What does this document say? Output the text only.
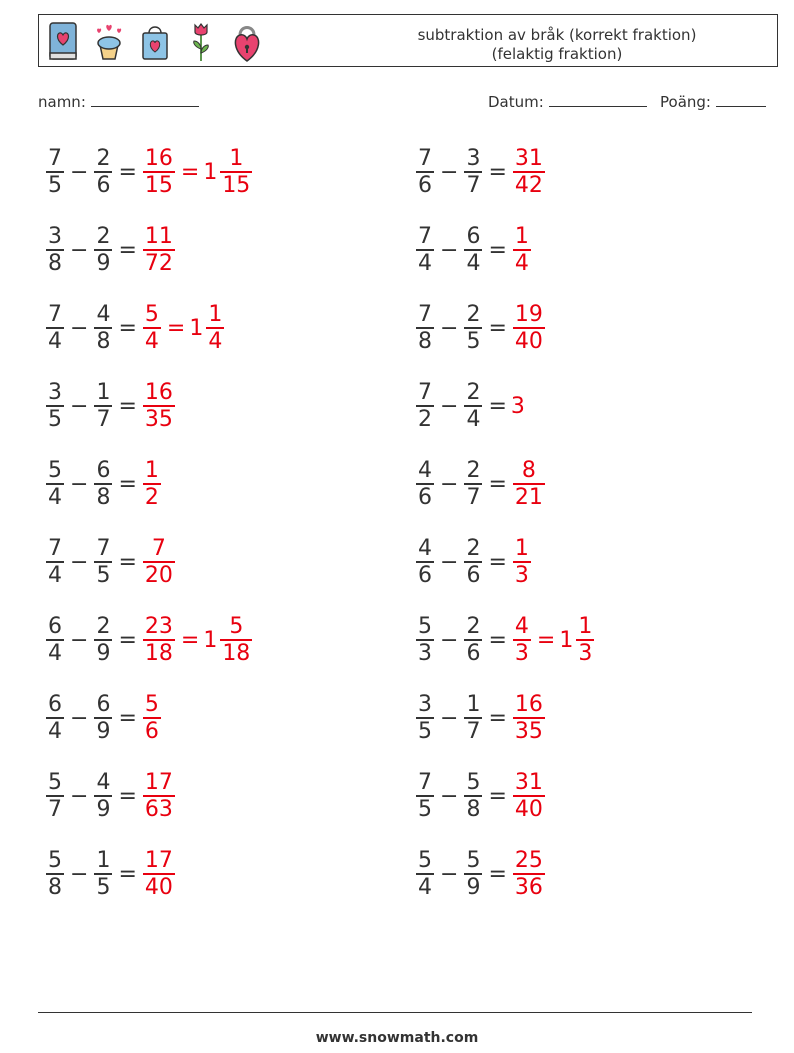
subtraktion av bråk (korrekt fraktion)
(felaktig fraktion)
namn:	Datum:	Poäng:
$\frac{7}{5} - \frac{2}{6} = \frac{16}{15} = 1 \frac{1}{15}$	$\frac{7}{6} - \frac{3}{7} = \frac{31}{42}$
$\frac{3}{8} - \frac{2}{9} = \frac{11}{72}$	$\frac{7}{4} - \frac{6}{4} = \frac{1}{4}$
$\frac{7}{4} - \frac{4}{8} = \frac{5}{4} = 1 \frac{1}{4}$	$\frac{7}{8} - \frac{2}{5} = \frac{19}{40}$
$\frac{3}{5} - \frac{1}{7} = \frac{16}{35}$	$\frac{7}{2} - \frac{2}{4} = 3$
$\frac{5}{4} - \frac{6}{8} = \frac{1}{2}$	$\frac{4}{6} - \frac{2}{7} = \frac{8}{21}$
$\frac{7}{4} - \frac{7}{5} = \frac{7}{20}$	$\frac{4}{6} - \frac{2}{6} = \frac{1}{3}$
$\frac{6}{4} - \frac{2}{9} = \frac{23}{18} = 1 \frac{5}{18}$	$\frac{5}{3} - \frac{2}{6} = \frac{4}{3} = 1 \frac{1}{3}$
$\frac{6}{4} - \frac{6}{9} = \frac{5}{6}$	$\frac{3}{5} - \frac{1}{7} = \frac{16}{35}$
$\frac{5}{7} - \frac{4}{9} = \frac{17}{63}$	$\frac{7}{5} - \frac{5}{8} = \frac{31}{40}$
$\frac{5}{8} - \frac{1}{5} = \frac{17}{40}$	$\frac{5}{4} - \frac{5}{9} = \frac{25}{36}$
www.snowmath.com
